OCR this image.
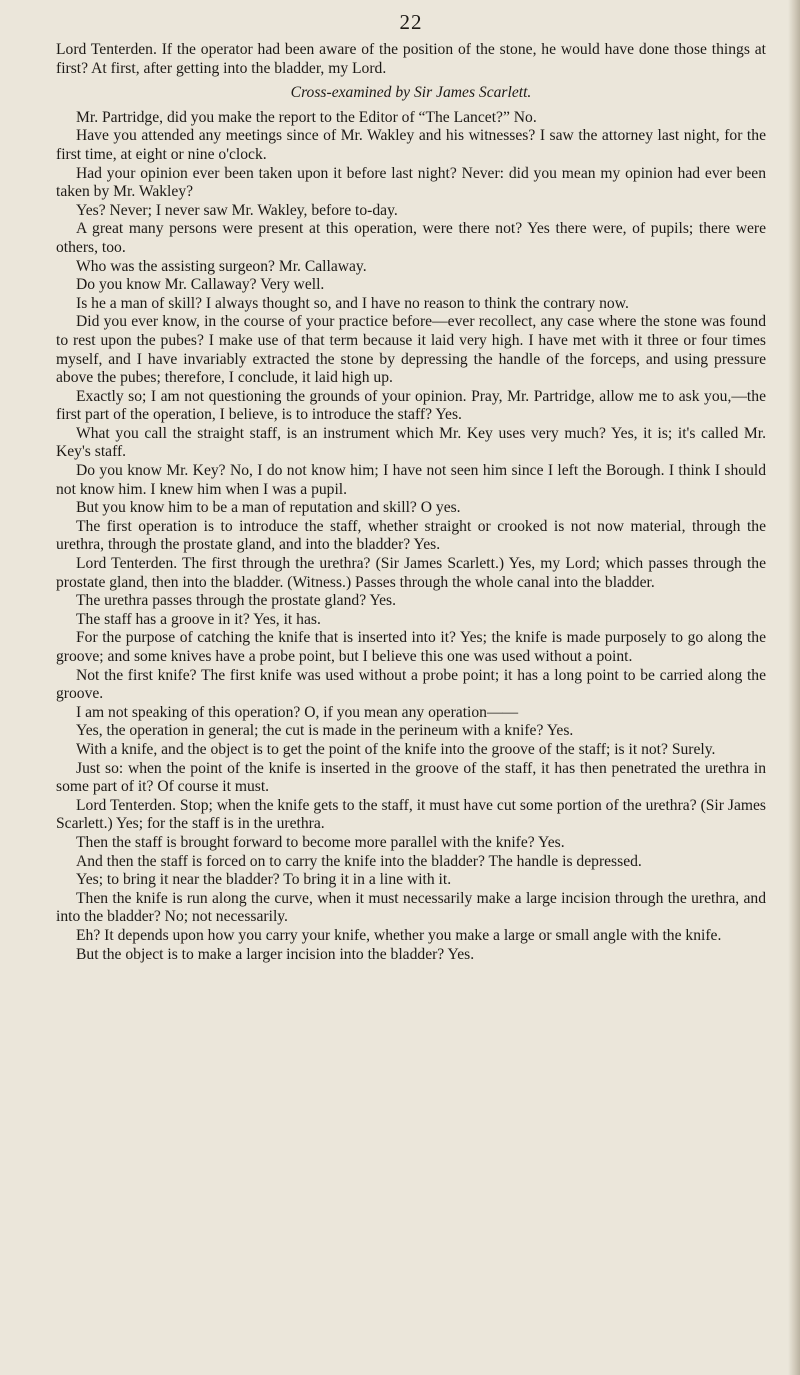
22

Lord Tenterden. If the operator had been aware of the position of the stone, he would have done those things at first? At first, after getting into the bladder, my Lord.

Cross-examined by Sir James Scarlett.

Mr. Partridge, did you make the report to the Editor of “The Lancet?” No.

Have you attended any meetings since of Mr. Wakley and his witnesses? I saw the attorney last night, for the first time, at eight or nine o'clock.

Had your opinion ever been taken upon it before last night? Never: did you mean my opinion had ever been taken by Mr. Wakley?

Yes? Never; I never saw Mr. Wakley, before to-day.

A great many persons were present at this operation, were there not? Yes there were, of pupils; there were others, too.

Who was the assisting surgeon? Mr. Callaway.

Do you know Mr. Callaway? Very well.

Is he a man of skill? I always thought so, and I have no reason to think the contrary now.

Did you ever know, in the course of your practice before—ever recollect, any case where the stone was found to rest upon the pubes? I make use of that term because it laid very high. I have met with it three or four times myself, and I have invariably extracted the stone by depressing the handle of the forceps, and using pressure above the pubes; therefore, I conclude, it laid high up.

Exactly so; I am not questioning the grounds of your opinion. Pray, Mr. Partridge, allow me to ask you,—the first part of the operation, I believe, is to introduce the staff? Yes.

What you call the straight staff, is an instrument which Mr. Key uses very much? Yes, it is; it's called Mr. Key's staff.

Do you know Mr. Key? No, I do not know him; I have not seen him since I left the Borough. I think I should not know him. I knew him when I was a pupil.

But you know him to be a man of reputation and skill? O yes.

The first operation is to introduce the staff, whether straight or crooked is not now material, through the urethra, through the prostate gland, and into the bladder? Yes.

Lord Tenterden. The first through the urethra? (Sir James Scarlett.) Yes, my Lord; which passes through the prostate gland, then into the bladder. (Witness.) Passes through the whole canal into the bladder.

The urethra passes through the prostate gland? Yes.

The staff has a groove in it? Yes, it has.

For the purpose of catching the knife that is inserted into it? Yes; the knife is made purposely to go along the groove; and some knives have a probe point, but I believe this one was used without a point.

Not the first knife? The first knife was used without a probe point; it has a long point to be carried along the groove.

I am not speaking of this operation? O, if you mean any operation——

Yes, the operation in general; the cut is made in the perineum with a knife? Yes.

With a knife, and the object is to get the point of the knife into the groove of the staff; is it not? Surely.

Just so: when the point of the knife is inserted in the groove of the staff, it has then penetrated the urethra in some part of it? Of course it must.

Lord Tenterden. Stop; when the knife gets to the staff, it must have cut some portion of the urethra? (Sir James Scarlett.) Yes; for the staff is in the urethra.

Then the staff is brought forward to become more parallel with the knife? Yes.

And then the staff is forced on to carry the knife into the bladder? The handle is depressed.

Yes; to bring it near the bladder? To bring it in a line with it.

Then the knife is run along the curve, when it must necessarily make a large incision through the urethra, and into the bladder? No; not necessarily.

Eh? It depends upon how you carry your knife, whether you make a large or small angle with the knife.

But the object is to make a larger incision into the bladder? Yes.
